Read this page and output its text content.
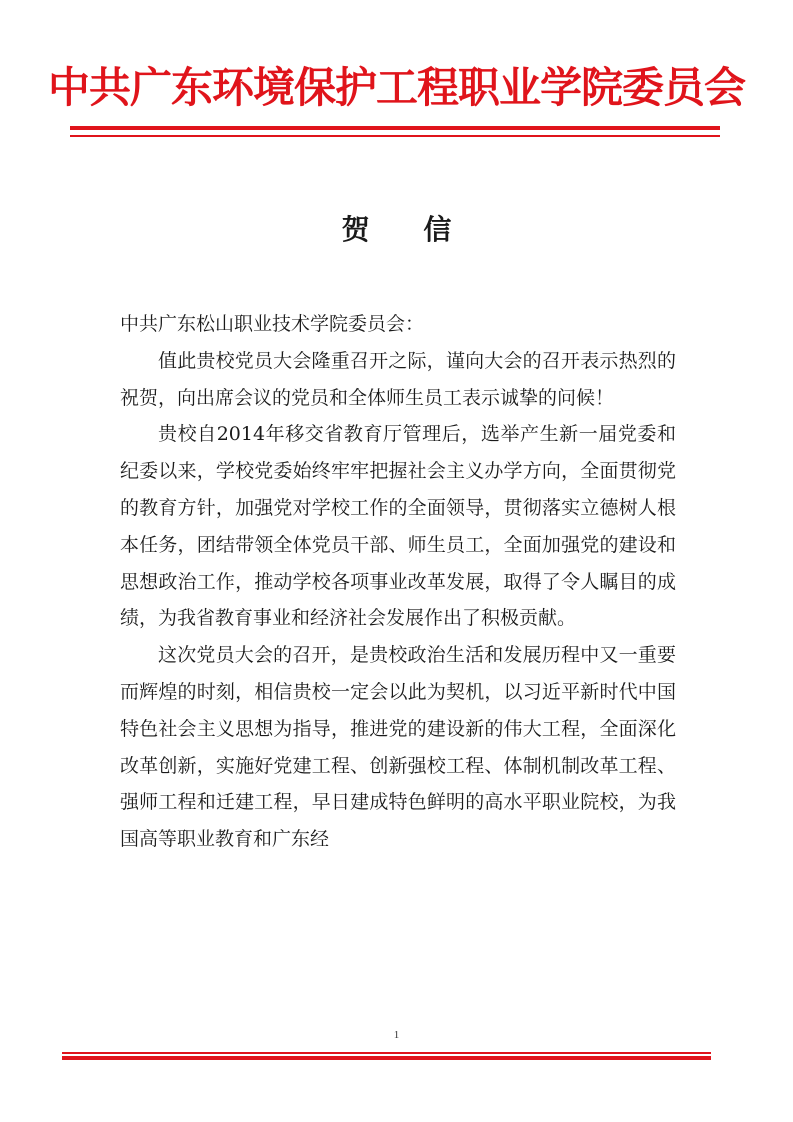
中共广东环境保护工程职业学院委员会
贺 信

中共广东松山职业技术学院委员会：

值此贵校党员大会隆重召开之际，谨向大会的召开表示热烈的祝贺，向出席会议的党员和全体师生员工表示诚挚的问候！

贵校自2014年移交省教育厅管理后，选举产生新一届党委和纪委以来，学校党委始终牢牢把握社会主义办学方向，全面贯彻党的教育方针，加强党对学校工作的全面领导，贯彻落实立德树人根本任务，团结带领全体党员干部、师生员工，全面加强党的建设和思想政治工作，推动学校各项事业改革发展，取得了令人瞩目的成绩，为我省教育事业和经济社会发展作出了积极贡献。

这次党员大会的召开，是贵校政治生活和发展历程中又一重要而辉煌的时刻，相信贵校一定会以此为契机，以习近平新时代中国特色社会主义思想为指导，推进党的建设新的伟大工程，全面深化改革创新，实施好党建工程、创新强校工程、体制机制改革工程、强师工程和迁建工程，早日建成特色鲜明的高水平职业院校，为我国高等职业教育和广东经

1
